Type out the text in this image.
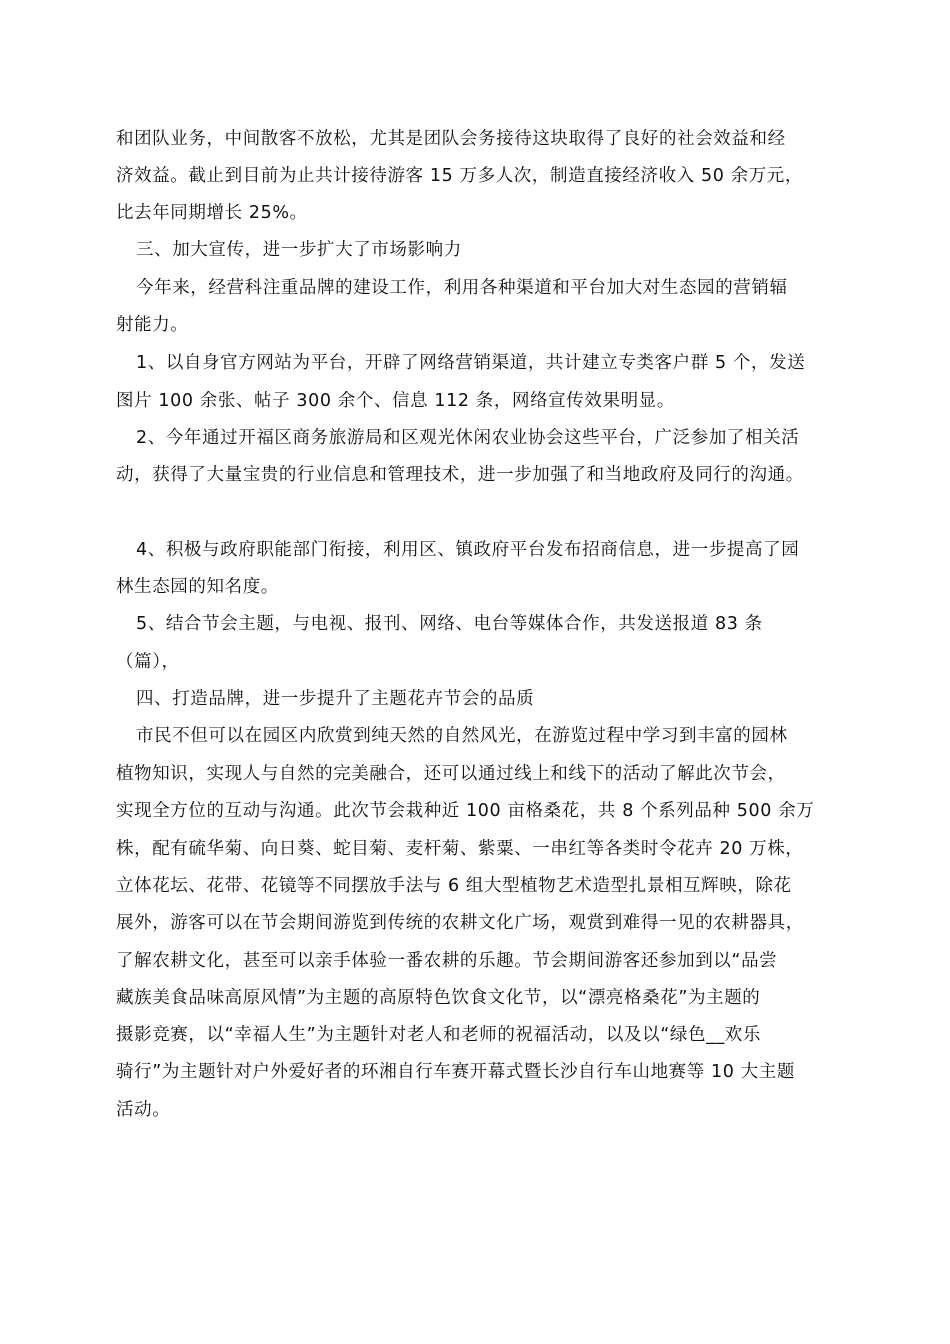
和团队业务，中间散客不放松，尤其是团队会务接待这块取得了良好的社会效益和经
济效益。截止到目前为止共计接待游客 15 万多人次，制造直接经济收入 50 余万元，
比去年同期增长 25%。
三、加大宣传，进一步扩大了市场影响力
今年来，经营科注重品牌的建设工作，利用各种渠道和平台加大对生态园的营销辐
射能力。
1、以自身官方网站为平台，开辟了网络营销渠道，共计建立专类客户群 5 个，发送
图片 100 余张、帖子 300 余个、信息 112 条，网络宣传效果明显。
2、今年通过开福区商务旅游局和区观光休闲农业协会这些平台，广泛参加了相关活
动，获得了大量宝贵的行业信息和管理技术，进一步加强了和当地政府及同行的沟通。
4、积极与政府职能部门衔接，利用区、镇政府平台发布招商信息，进一步提高了园
林生态园的知名度。
5、结合节会主题，与电视、报刊、网络、电台等媒体合作，共发送报道 83 条
（篇），
四、打造品牌，进一步提升了主题花卉节会的品质
市民不但可以在园区内欣赏到纯天然的自然风光，在游览过程中学习到丰富的园林
植物知识，实现人与自然的完美融合，还可以通过线上和线下的活动了解此次节会，
实现全方位的互动与沟通。此次节会栽种近 100 亩格桑花，共 8 个系列品种 500 余万
株，配有硫华菊、向日葵、蛇目菊、麦杆菊、紫粟、一串红等各类时令花卉 20 万株，
立体花坛、花带、花镜等不同摆放手法与 6 组大型植物艺术造型扎景相互辉映，除花
展外，游客可以在节会期间游览到传统的农耕文化广场，观赏到难得一见的农耕器具，
了解农耕文化，甚至可以亲手体验一番农耕的乐趣。节会期间游客还参加到以“品尝
藏族美食品味高原风情”为主题的高原特色饮食文化节，以“漂亮格桑花”为主题的
摄影竞赛，以“幸福人生”为主题针对老人和老师的祝福活动，以及以“绿色__欢乐
骑行”为主题针对户外爱好者的环湘自行车赛开幕式暨长沙自行车山地赛等 10 大主题
活动。
